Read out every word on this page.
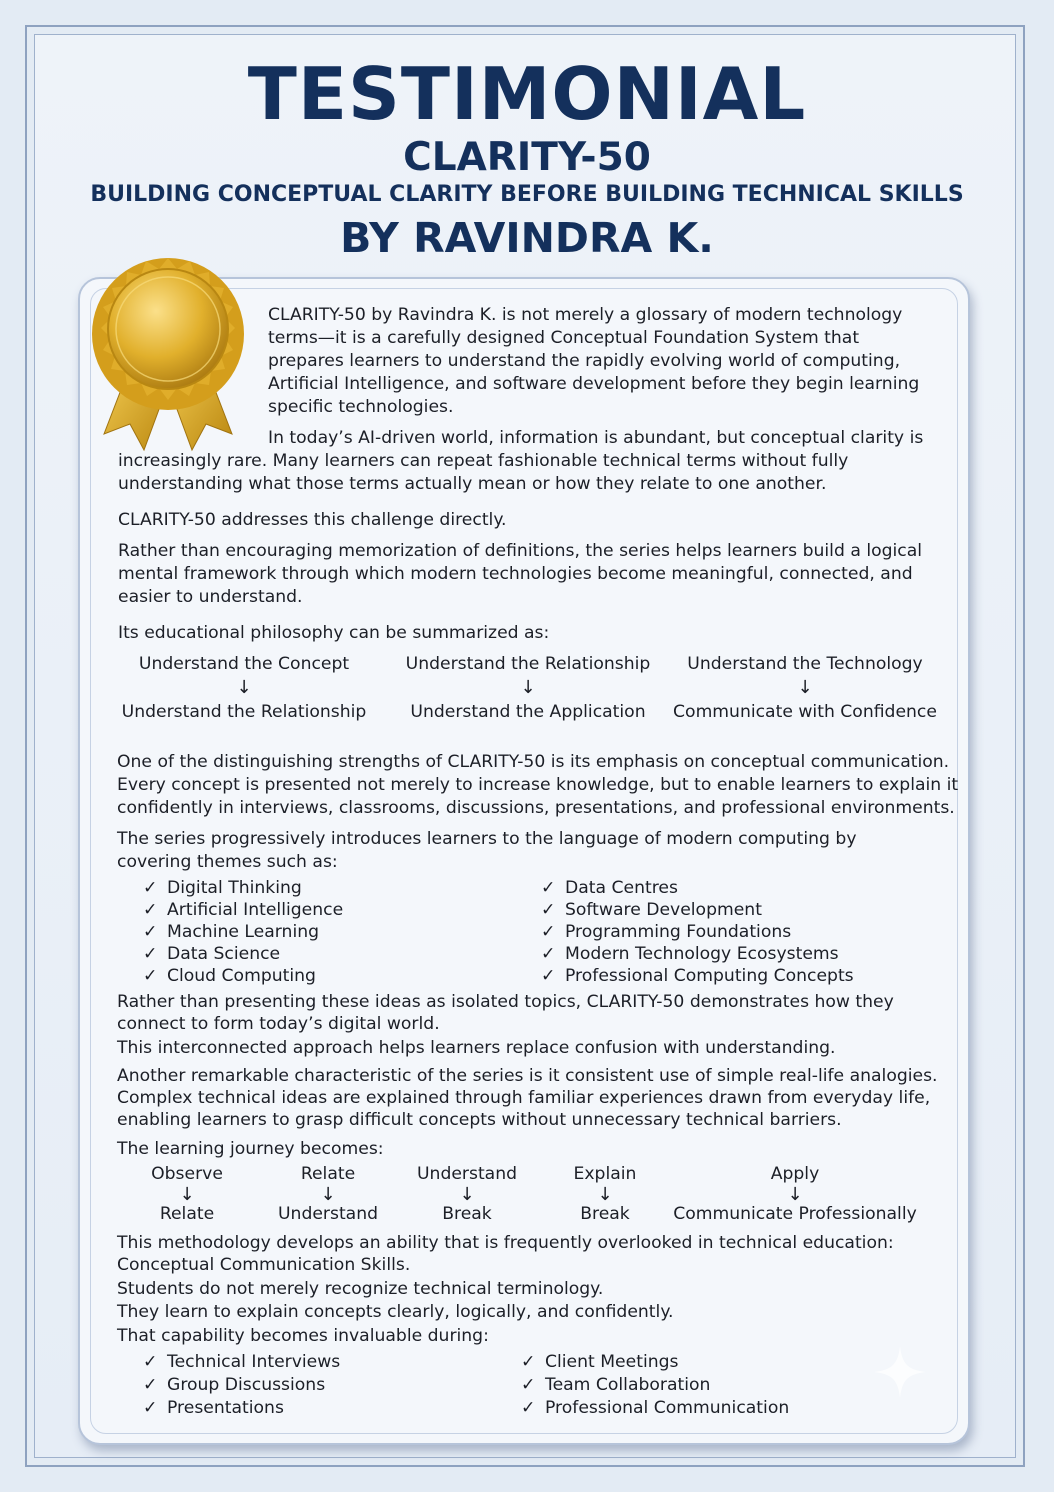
TESTIMONIAL
CLARITY-50
BUILDING CONCEPTUAL CLARITY BEFORE BUILDING TECHNICAL SKILLS
BY RAVINDRA K.
CLARITY-50 by Ravindra K. is not merely a glossary of modern technology
terms—it is a carefully designed Conceptual Foundation System that
prepares learners to understand the rapidly evolving world of computing,
Artificial Intelligence, and software development before they begin learning
specific technologies.
In today’s AI-driven world, information is abundant, but conceptual clarity is
increasingly rare. Many learners can repeat fashionable technical terms without fully
understanding what those terms actually mean or how they relate to one another.
CLARITY-50 addresses this challenge directly.
Rather than encouraging memorization of definitions, the series helps learners build a logical
mental framework through which modern technologies become meaningful, connected, and
easier to understand.
Its educational philosophy can be summarized as:
Understand the Concept
↓
Understand the Relationship
Understand the Relationship
↓
Understand the Application
Understand the Technology
↓
Communicate with Confidence
One of the distinguishing strengths of CLARITY-50 is its emphasis on conceptual communication.
Every concept is presented not merely to increase knowledge, but to enable learners to explain it
confidently in interviews, classrooms, discussions, presentations, and professional environments.
The series progressively introduces learners to the language of modern computing by
covering themes such as:
✓ Digital Thinking
✓ Artificial Intelligence
✓ Machine Learning
✓ Data Science
✓ Cloud Computing
✓ Data Centres
✓ Software Development
✓ Programming Foundations
✓ Modern Technology Ecosystems
✓ Professional Computing Concepts
Rather than presenting these ideas as isolated topics, CLARITY-50 demonstrates how they
connect to form today’s digital world.
This interconnected approach helps learners replace confusion with understanding.
Another remarkable characteristic of the series is it consistent use of simple real-life analogies.
Complex technical ideas are explained through familiar experiences drawn from everyday life,
enabling learners to grasp difficult concepts without unnecessary technical barriers.
The learning journey becomes:
Observe
↓
Relate
Relate
↓
Understand
Understand
↓
Break
Explain
↓
Break
Apply
↓
Communicate Professionally
This methodology develops an ability that is frequently overlooked in technical education:
Conceptual Communication Skills.
Students do not merely recognize technical terminology.
They learn to explain concepts clearly, logically, and confidently.
That capability becomes invaluable during:
✓ Technical Interviews
✓ Group Discussions
✓ Presentations
✓ Client Meetings
✓ Team Collaboration
✓ Professional Communication
